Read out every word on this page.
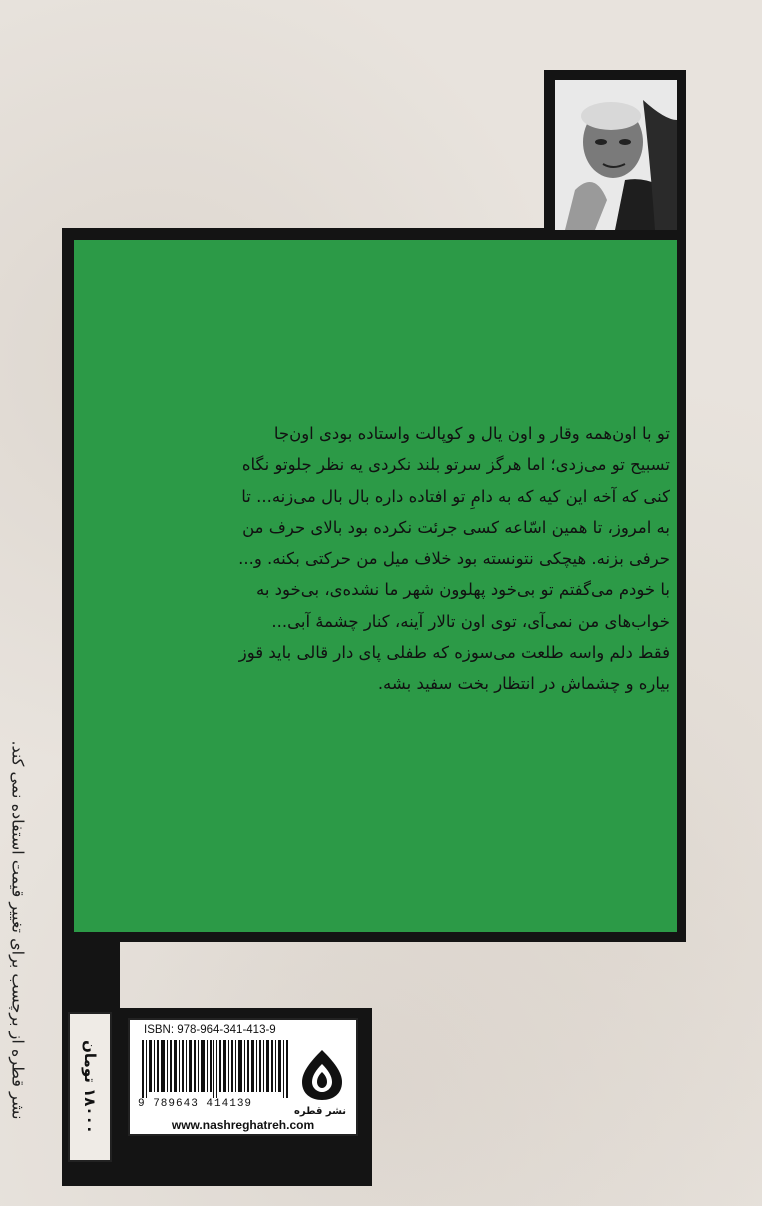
تو با اون‌همه وقار و اون یال و کوپالت واستاده بودی اون‌جا

تسبیح تو می‌زدی؛ اما هرگز سرتو بلند نکردی یه نظر جلوتو نگاه

کنی که آخه این کیه که به دامِ تو افتاده داره بال بال می‌زنه... تا

به امروز، تا همین اسّاعه کسی جرئت نکرده بود بالای حرف من

حرفی بزنه. هیچکی نتونسته بود خلاف میل من حرکتی بکنه. و...

با خودم می‌گفتم تو بی‌خود پهلوون شهر ما نشده‌ی، بی‌خود به

خواب‌های من نمی‌آی، توی اون تالار آینه، کنار چشمهٔ آبی...

فقط دلم واسه طلعت می‌سوزه که طفلی پای دار قالی باید قوز

بیاره و چشماش در انتظار بخت سفید بشه.

نشر قطره از برچسب برای تغییر قیمت استفاده نمی کند.	۱۸۰۰۰ تومان
ISBN: 978-964-341-413-9
9 789643 414139
نشر قطره
www.nashreghatreh.com
